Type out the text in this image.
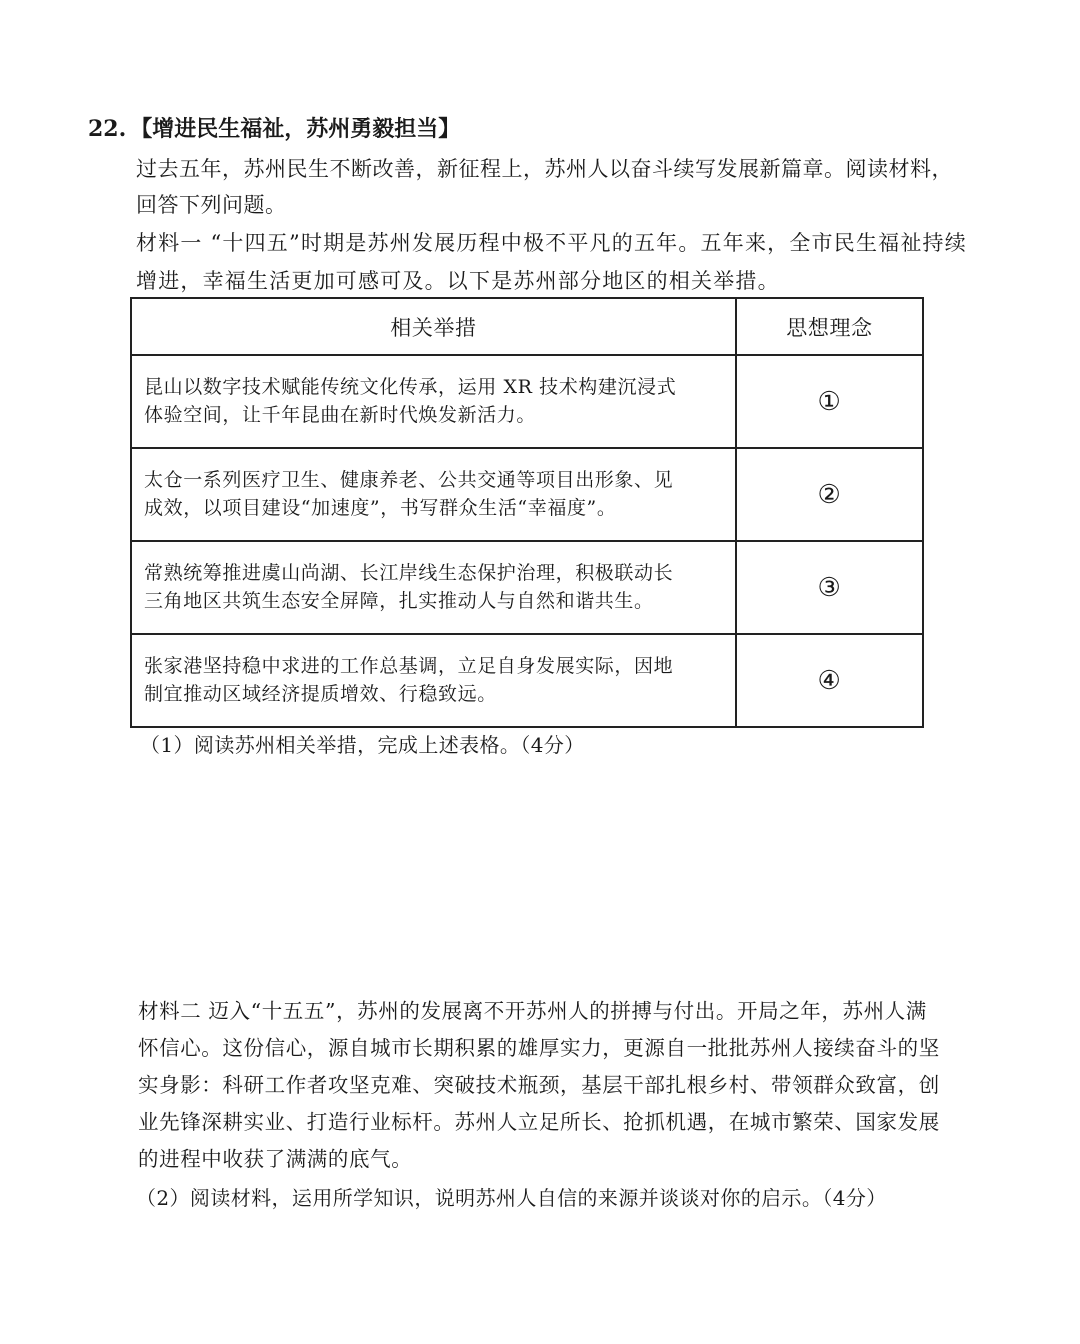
22. 【增进民生福祉，苏州勇毅担当】
过去五年，苏州民生不断改善，新征程上，苏州人以奋斗续写发展新篇章。阅读材料，
回答下列问题。
材料一 “十四五”时期是苏州发展历程中极不平凡的五年。五年来，全市民生福祉持续
增进，幸福生活更加可感可及。以下是苏州部分地区的相关举措。
相关举措	思想理念

昆山以数字技术赋能传统文化传承，运用 XR 技术构建沉浸式
体验空间，让千年昆曲在新时代焕发新活力。	①

太仓一系列医疗卫生、健康养老、公共交通等项目出形象、见
成效，以项目建设“加速度”，书写群众生活“幸福度”。	②

常熟统筹推进虞山尚湖、长江岸线生态保护治理，积极联动长
三角地区共筑生态安全屏障，扎实推动人与自然和谐共生。	③

张家港坚持稳中求进的工作总基调，立足自身发展实际，因地
制宜推动区域经济提质增效、行稳致远。	④
（1）阅读苏州相关举措，完成上述表格。（4分）
材料二 迈入“十五五”，苏州的发展离不开苏州人的拼搏与付出。开局之年，苏州人满
怀信心。这份信心，源自城市长期积累的雄厚实力，更源自一批批苏州人接续奋斗的坚
实身影：科研工作者攻坚克难、突破技术瓶颈，基层干部扎根乡村、带领群众致富，创
业先锋深耕实业、打造行业标杆。苏州人立足所长、抢抓机遇，在城市繁荣、国家发展
的进程中收获了满满的底气。
（2）阅读材料，运用所学知识，说明苏州人自信的来源并谈谈对你的启示。（4分）
